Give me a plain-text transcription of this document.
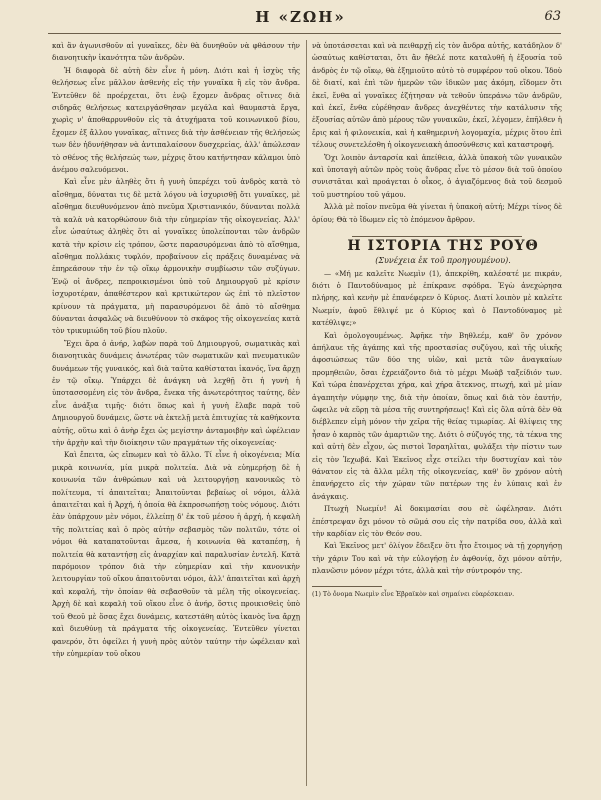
Η «ΖΩΗ»	63

καὶ ἂν ἀγωνισθοῦν αἱ γυναῖκες, δὲν θὰ δυνηθοῦν νὰ φθάσουν τὴν διανοητικὴν ἱκανότητα τῶν ἀνδρῶν.

Ἡ διαφορὰ δὲ αὐτὴ δὲν εἶνε ἡ μόνη. Διότι καὶ ἡ ἰσχὺς τῆς θελήσεως εἶνε μᾶλλον ἀσθενὴς εἰς τὴν γυναῖκα ἢ εἰς τὸν ἄνδρα. Ἐντεῦθεν δὲ προέρχεται, ὅτι ἐνῷ ἔχομεν ἄνδρας οἵτινες διὰ σιδηρᾶς θελήσεως κατειργάσθησαν μεγάλα καὶ θαυμαστὰ ἔργα, χωρὶς ν' ἀποθαρρυνθοῦν εἰς τὰ ἀτυχήματα τοῦ κοινωνικοῦ βίου, ἔχομεν ἐξ ἄλλου γυναῖκας, αἵτινες διὰ τὴν ἀσθένειαν τῆς θελήσεώς των δὲν ἠδυνήθησαν νὰ ἀντιπαλαίσουν δυσχερείας, ἀλλ' ἀπώλεσαν τὸ σθένος τῆς θελήσεώς των, μέχρις ὅτου κατήντησαν κάλαμοι ὑπὸ ἀνέμου σαλευόμενοι.

Καὶ εἶνε μὲν ἀληθὲς ὅτι ἡ γυνὴ ὑπερέχει τοῦ ἀνδρὸς κατὰ τὸ αἴσθημα, δύναται τις δὲ μετὰ λόγου νὰ ἰσχυρισθῇ ὅτι γυναῖκες, μὲ αἴσθημα διευθυνόμενον ἀπὸ πνεῦμα Χριστιανικόν, δύνανται πολλὰ τὰ καλὰ νὰ κατορθώσουν διὰ τὴν εὐημερίαν τῆς οἰκογενείας. Ἀλλ' εἶνε ὡσαύτως ἀληθὲς ὅτι αἱ γυναῖκες ὑπολείπονται τῶν ἀνδρῶν κατὰ τὴν κρίσιν εἰς τρόπον, ὥστε παρασυρόμεναι ἀπὸ τὸ αἴσθημα, αἴσθημα πολλάκις τυφλόν, προβαίνουν εἰς πράξεις δυναμένας νὰ ἐπηρεάσουν τὴν ἐν τῷ οἴκῳ ἁρμονικὴν συμβίωσιν τῶν συζύγων. Ἐνῷ οἱ ἄνδρες, πεπροικισμένοι ὑπὸ τοῦ Δημιουργοῦ μὲ κρίσιν ἰσχυροτέραν, ἀπαθέστερον καὶ κριτικώτερον ὡς ἐπὶ τὸ πλεῖστον κρίνουν τὰ πράγματα, μὴ παρασυρόμενοι δὲ ἀπὸ τὸ αἴσθημα δύνανται ἀσφαλῶς νὰ διευθύνουν τὸ σκάφος τῆς οἰκογενείας κατὰ τὸν τρικυμιώδη τοῦ βίου πλοῦν.

Ἔχει ἄρα ὁ ἀνήρ, λαβὼν παρὰ τοῦ Δημιουργοῦ, σωματικὰς καὶ διανοητικὰς δυνάμεις ἀνωτέρας τῶν σωματικῶν καὶ πνευματικῶν δυνάμεων τῆς γυναικός, καὶ διὰ ταῦτα καθίσταται ἱκανός, ἵνα ἄρχῃ ἐν τῷ οἴκῳ. Ὑπάρχει δὲ ἀνάγκη νὰ λεχθῇ ὅτι ἡ γυνὴ ἡ ὑποτασσομένη εἰς τὸν ἄνδρα, ἕνεκα τῆς ἀνωτερότητος ταύτης, δὲν εἶνε ἀνάξια τιμῆς· διότι ὅπως καὶ ἡ γυνὴ ἔλαβε παρὰ τοῦ Δημιουργοῦ δυνάμεις, ὥστε νὰ ἐκτελῇ μετὰ ἐπιτυχίας τὰ καθήκοντα αὐτῆς, οὕτω καὶ ὁ ἀνὴρ ἔχει ὡς μεγίστην ἀνταμοιβὴν καὶ ὠφέλειαν τὴν ἀρχὴν καὶ τὴν διοίκησιν τῶν πραγμάτων τῆς οἰκογενείας·

Καὶ ἔπειτα, ὡς εἴπωμεν καὶ τὸ ἄλλο. Τί εἶνε ἡ οἰκογένεια; Μία μικρὰ κοινωνία, μία μικρὰ πολιτεία. Διὰ νὰ εὐημερήσῃ δὲ ἡ κοινωνία τῶν ἀνθρώπων καὶ νὰ λειτουργήσῃ κανονικῶς τὸ πολίτευμα, τί ἀπαιτεῖται; Ἀπαιτοῦνται βεβαίως οἱ νόμοι, ἀλλὰ ἀπαιτεῖται καὶ ἡ Ἀρχή, ἡ ὁποία θὰ ἐκπροσωπήσῃ τοὺς νόμους. Διότι ἐὰν ὑπάρχουν μὲν νόμοι, ἐλλείπῃ δ' ἐκ τοῦ μέσου ἡ ἀρχή, ἡ κεφαλὴ τῆς πολιτείας καὶ ὁ πρὸς αὐτὴν σεβασμὸς τῶν πολιτῶν, τότε οἱ νόμοι θὰ καταπατοῦνται ἄμεσα, ἡ κοινωνία θὰ καταπέσῃ, ἡ πολιτεία θὰ καταντήσῃ εἰς ἀναρχίαν καὶ παραλυσίαν ἐντελῆ. Κατὰ παρόμοιον τρόπον διὰ τὴν εὐημερίαν καὶ τὴν κανονικὴν λειτουργίαν τοῦ οἴκου ἀπαιτοῦνται νόμοι, ἀλλ' ἀπαιτεῖται καὶ ἀρχὴ καὶ κεφαλή, τὴν ὁποίαν θὰ σεβασθοῦν τὰ μέλη τῆς οἰκογενείας. Ἀρχὴ δὲ καὶ κεφαλὴ τοῦ οἴκου εἶνε ὁ ἀνήρ, ὅστις προικισθεὶς ὑπὸ τοῦ Θεοῦ μὲ ὅσας ἔχει δυνάμεις, κατεστάθη αὐτὸς ἱκανὸς ἵνα ἄρχῃ καὶ διευθύνῃ τὰ πράγματα τῆς οἰκογενείας. Ἐντεῦθεν γίνεται φανερόν, ὅτι ὀφείλει ἡ γυνὴ πρὸς αὐτὸν ταύτην τὴν ὠφέλειαν καὶ τὴν εὐημερίαν τοῦ οἴκου

νὰ ὑποτάσσεται καὶ νὰ πειθαρχῇ εἰς τὸν ἄνδρα αὐτῆς, κατάδηλον δ' ὡσαύτως καθίσταται, ὅτι ἂν ἤθελέ ποτε καταλυθῆ ἡ ἐξουσία τοῦ ἀνδρὸς ἐν τῷ οἴκῳ, θὰ ἐξημιοῦτο αὐτὸ τὸ συμφέρον τοῦ οἴκου. Ἰδοὺ δὲ διατί, καὶ ἐπὶ τῶν ἡμερῶν τῶν ἰδικῶν μας ἀκόμη, εἴδομεν ὅτι ἐκεῖ, ἔνθα αἱ γυναῖκες ἐζήτησαν νὰ τεθοῦν ὑπεράνω τῶν ἀνδρῶν, καὶ ἐκεῖ, ἔνθα εὑρέθησαν ἄνδρες ἀνεχθέντες τὴν κατάλυσιν τῆς ἐξουσίας αὐτῶν ἀπὸ μέρους τῶν γυναικῶν, ἐκεῖ, λέγομεν, ἐπῆλθεν ἡ ἔρις καὶ ἡ φιλονεικία, καὶ ἡ καθημερινὴ λογομαχία, μέχρις ὅτου ἐπὶ τέλους συνετελέσθη ἡ οἰκογενειακὴ ἀποσύνθεσις καὶ καταστροφή.

Ὅχι λοιπὸν ἀνταρσία καὶ ἀπείθεια, ἀλλὰ ὑπακοὴ τῶν γυναικῶν καὶ ὑποταγὴ αὐτῶν πρὸς τοὺς ἄνδρας εἶνε τὸ μέσον διὰ τοῦ ὁποίου συνιστᾶται καὶ προάγεται ὁ οἶκος, ὁ ἁγιαζόμενος διὰ τοῦ δεσμοῦ τοῦ μυστηρίου τοῦ γάμου.

Ἀλλὰ μὲ ποῖον πνεῦμα θὰ γίνεται ἡ ὑπακοὴ αὐτή; Μέχρι τίνος δὲ ὁρίου; Θὰ τὸ ἴδωμεν εἰς τὸ ἑπόμενον ἄρθρον.

Η ΙΣΤΟΡΙΑ ΤΗΣ ΡΟΥΘ

(Συνέχεια ἐκ τοῦ προηγουμένου).

— «Μή με καλεῖτε Νωεμὶν (1), ἀπεκρίθη, καλέσατέ με πικράν, διότι ὁ Παντοδύναμος μὲ ἐπίκρανε σφόδρα. Ἐγὼ ἀνεχώρησα πλήρης, καὶ κενὴν μὲ ἐπανέφερεν ὁ Κύριος. Διατί λοιπὸν μὲ καλεῖτε Νωεμίν, ἀφοῦ ἔθλιψέ με ὁ Κύριος καὶ ὁ Παντοδύναμος μὲ κατέθλιψε;»

Καὶ ὁμολογουμένως. Ἀφῆκε τὴν Βηθλεέμ, καθ' ὃν χρόνον ἀπήλαυε τῆς ἀγάπης καὶ τῆς προστασίας συζύγου, καὶ τῆς υἱικῆς ἀφοσιώσεως τῶν δύο της υἱῶν, καὶ μετὰ τῶν ἀναγκαίων προμηθειῶν, ὅσαι ἐχρειάζοντο διὰ τὸ μέχρι Μωὰβ ταξείδιόν των. Καὶ τώρα ἐπανέρχεται χήρα, καὶ χήρα ἄτεκνος, πτωχή, καὶ μὲ μίαν ἀγαπητὴν νύμφην της, διὰ τὴν ὁποίαν, ὅπως καὶ διὰ τὸν ἑαυτήν, ὤφειλε νὰ εὕρῃ τὰ μέσα τῆς συντηρήσεως! Καὶ εἰς ὅλα αὐτὰ δὲν θὰ διέβλεπεν εἰμὴ μόνον τὴν χεῖρα τῆς θείας τιμωρίας. Αἱ θλίψεις της ἦσαν ὁ καρπὸς τῶν ἁμαρτιῶν της. Διότι ὁ σύζυγός της, τὰ τέκνα της καὶ αὐτὴ δὲν εἶχον, ὡς πιστοὶ Ἰσραηλῖται, φυλάξει τὴν πίστιν των εἰς τὸν Ἰεχωβά. Καὶ Ἐκεῖνος εἶχε στείλει τὴν δυστυχίαν καὶ τὸν θάνατον εἰς τὰ ἄλλα μέλη τῆς οἰκογενείας, καθ' ὃν χρόνον αὐτὴ ἐπανήρχετο εἰς τὴν χώραν τῶν πατέρων της ἐν λύπαις καὶ ἐν ἀνάγκαις.

Πτωχὴ Νωεμίν! Αἱ δοκιμασίαι σου σὲ ὠφέλησαν. Διότι ἐπέστρεψαν ὄχι μόνον τὸ σῶμά σου εἰς τὴν πατρίδα σου, ἀλλὰ καὶ τὴν καρδίαν εἰς τὸν Θεόν σου.

Καὶ Ἐκεῖνος μετ' ὀλίγον ἔδειξεν ὅτι ἦτο ἕτοιμος νὰ τῇ χορηγήσῃ τὴν χάριν Του καὶ νὰ τὴν εὐλογήσῃ ἐν ἀφθονίᾳ, ὄχι μόνον αὐτήν, πλανῶσιν μόνον μέχρι τότε, ἀλλὰ καὶ τὴν σύντροφόν της.

(1) Τὸ ὄνομα Νωεμὶν εἶνε Ἑβραϊκὸν καὶ σημαίνει εὐαρέσκειαν.
